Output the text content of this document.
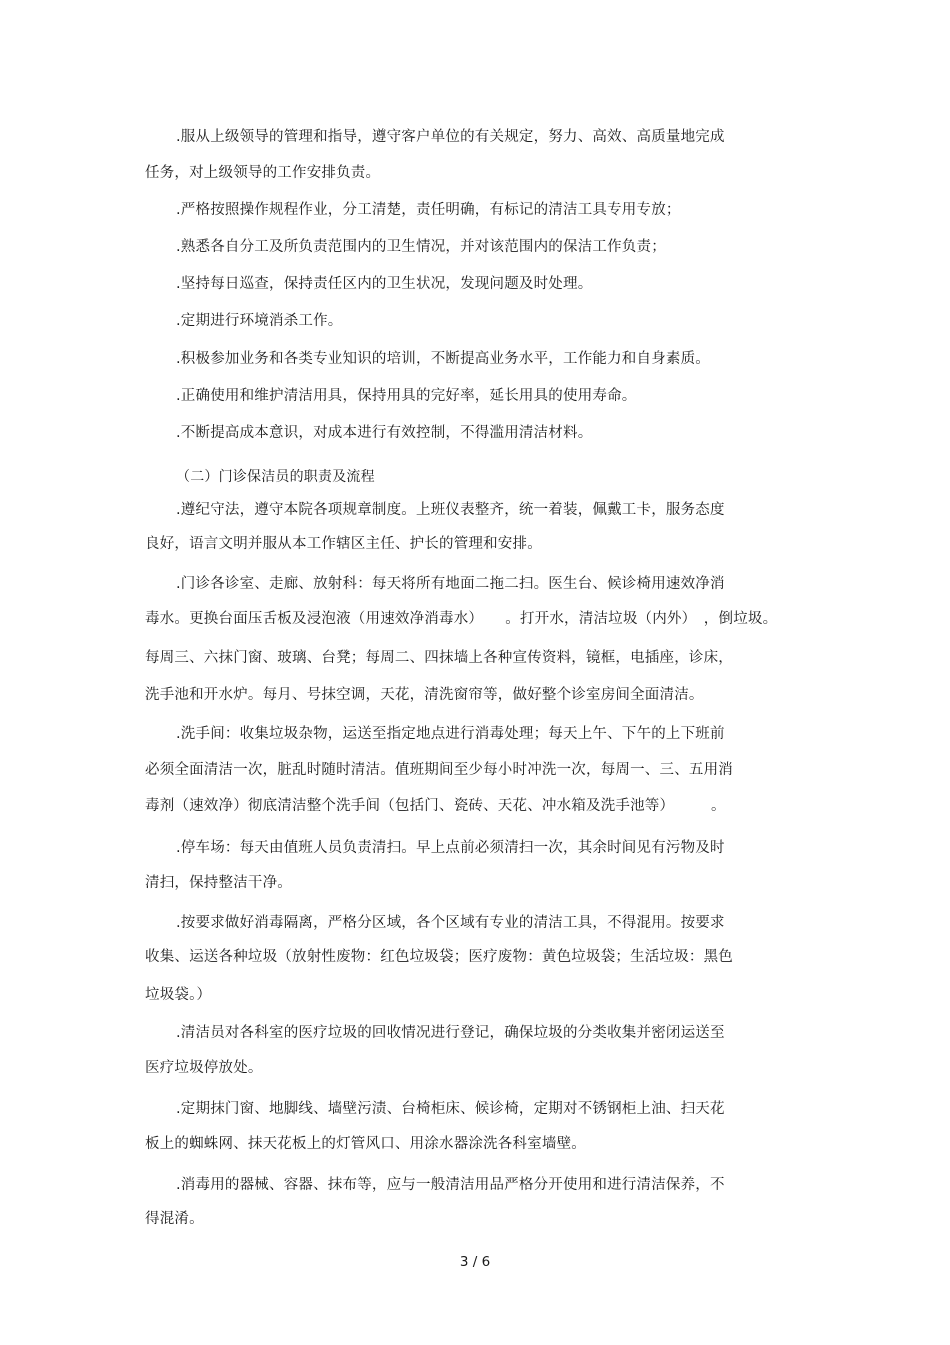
.服从上级领导的管理和指导，遵守客户单位的有关规定，努力、高效、高质量地完成

任务，对上级领导的工作安排负责。

.严格按照操作规程作业，分工清楚，责任明确，有标记的清洁工具专用专放；

.熟悉各自分工及所负责范围内的卫生情况，并对该范围内的保洁工作负责；

.坚持每日巡查，保持责任区内的卫生状况，发现问题及时处理。

.定期进行环境消杀工作。

.积极参加业务和各类专业知识的培训，不断提高业务水平，工作能力和自身素质。

.正确使用和维护清洁用具，保持用具的完好率，延长用具的使用寿命。

.不断提高成本意识，对成本进行有效控制，不得滥用清洁材料。

（二）门诊保洁员的职责及流程

.遵纪守法，遵守本院各项规章制度。上班仪表整齐，统一着装，佩戴工卡，服务态度

良好，语言文明并服从本工作辖区主任、护长的管理和安排。

.门诊各诊室、走廊、放射科：每天将所有地面二拖二扫。医生台、候诊椅用速效净消

毒水。更换台面压舌板及浸泡液（用速效净消毒水）　　。打开水，清洁垃圾（内外）　，倒垃圾。

每周三、六抹门窗、玻璃、台凳；每周二、四抹墙上各种宣传资料，镜框，电插座，诊床，

洗手池和开水炉。每月、号抹空调，天花，清洗窗帘等，做好整个诊室房间全面清洁。

.洗手间：收集垃圾杂物，运送至指定地点进行消毒处理；每天上午、下午的上下班前

必须全面清洁一次，脏乱时随时清洁。值班期间至少每小时冲洗一次，每周一、三、五用消

毒剂（速效净）彻底清洁整个洗手间（包括门、瓷砖、天花、冲水箱及洗手池等）　　　。

.停车场：每天由值班人员负责清扫。早上点前必须清扫一次，其余时间见有污物及时

清扫，保持整洁干净。

.按要求做好消毒隔离，严格分区域，各个区域有专业的清洁工具，不得混用。按要求

收集、运送各种垃圾（放射性废物：红色垃圾袋；医疗废物：黄色垃圾袋；生活垃圾：黑色

垃圾袋。）

.清洁员对各科室的医疗垃圾的回收情况进行登记，确保垃圾的分类收集并密闭运送至

医疗垃圾停放处。

.定期抹门窗、地脚线、墙壁污渍、台椅柜床、候诊椅，定期对不锈钢柜上油、扫天花

板上的蜘蛛网、抹天花板上的灯管风口、用涂水器涂洗各科室墙壁。

.消毒用的器械、容器、抹布等，应与一般清洁用品严格分开使用和进行清洁保养，不

得混淆。

3 / 6
